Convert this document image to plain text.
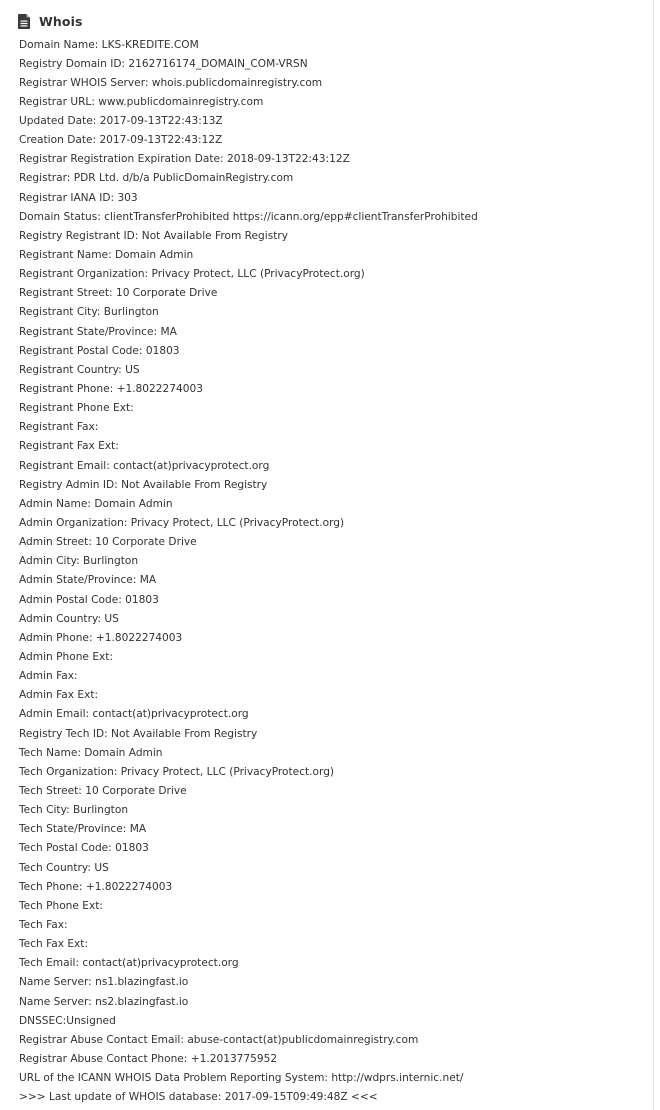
Whois
Domain Name: LKS-KREDITE.COM
Registry Domain ID: 2162716174_DOMAIN_COM-VRSN
Registrar WHOIS Server: whois.publicdomainregistry.com
Registrar URL: www.publicdomainregistry.com
Updated Date: 2017-09-13T22:43:13Z
Creation Date: 2017-09-13T22:43:12Z
Registrar Registration Expiration Date: 2018-09-13T22:43:12Z
Registrar: PDR Ltd. d/b/a PublicDomainRegistry.com
Registrar IANA ID: 303
Domain Status: clientTransferProhibited https://icann.org/epp#clientTransferProhibited
Registry Registrant ID: Not Available From Registry
Registrant Name: Domain Admin
Registrant Organization: Privacy Protect, LLC (PrivacyProtect.org)
Registrant Street: 10 Corporate Drive
Registrant City: Burlington
Registrant State/Province: MA
Registrant Postal Code: 01803
Registrant Country: US
Registrant Phone: +1.8022274003
Registrant Phone Ext:
Registrant Fax:
Registrant Fax Ext:
Registrant Email: contact(at)privacyprotect.org
Registry Admin ID: Not Available From Registry
Admin Name: Domain Admin
Admin Organization: Privacy Protect, LLC (PrivacyProtect.org)
Admin Street: 10 Corporate Drive
Admin City: Burlington
Admin State/Province: MA
Admin Postal Code: 01803
Admin Country: US
Admin Phone: +1.8022274003
Admin Phone Ext:
Admin Fax:
Admin Fax Ext:
Admin Email: contact(at)privacyprotect.org
Registry Tech ID: Not Available From Registry
Tech Name: Domain Admin
Tech Organization: Privacy Protect, LLC (PrivacyProtect.org)
Tech Street: 10 Corporate Drive
Tech City: Burlington
Tech State/Province: MA
Tech Postal Code: 01803
Tech Country: US
Tech Phone: +1.8022274003
Tech Phone Ext:
Tech Fax:
Tech Fax Ext:
Tech Email: contact(at)privacyprotect.org
Name Server: ns1.blazingfast.io
Name Server: ns2.blazingfast.io
DNSSEC:Unsigned
Registrar Abuse Contact Email: abuse-contact(at)publicdomainregistry.com
Registrar Abuse Contact Phone: +1.2013775952
URL of the ICANN WHOIS Data Problem Reporting System: http://wdprs.internic.net/
>>> Last update of WHOIS database: 2017-09-15T09:49:48Z <<<
